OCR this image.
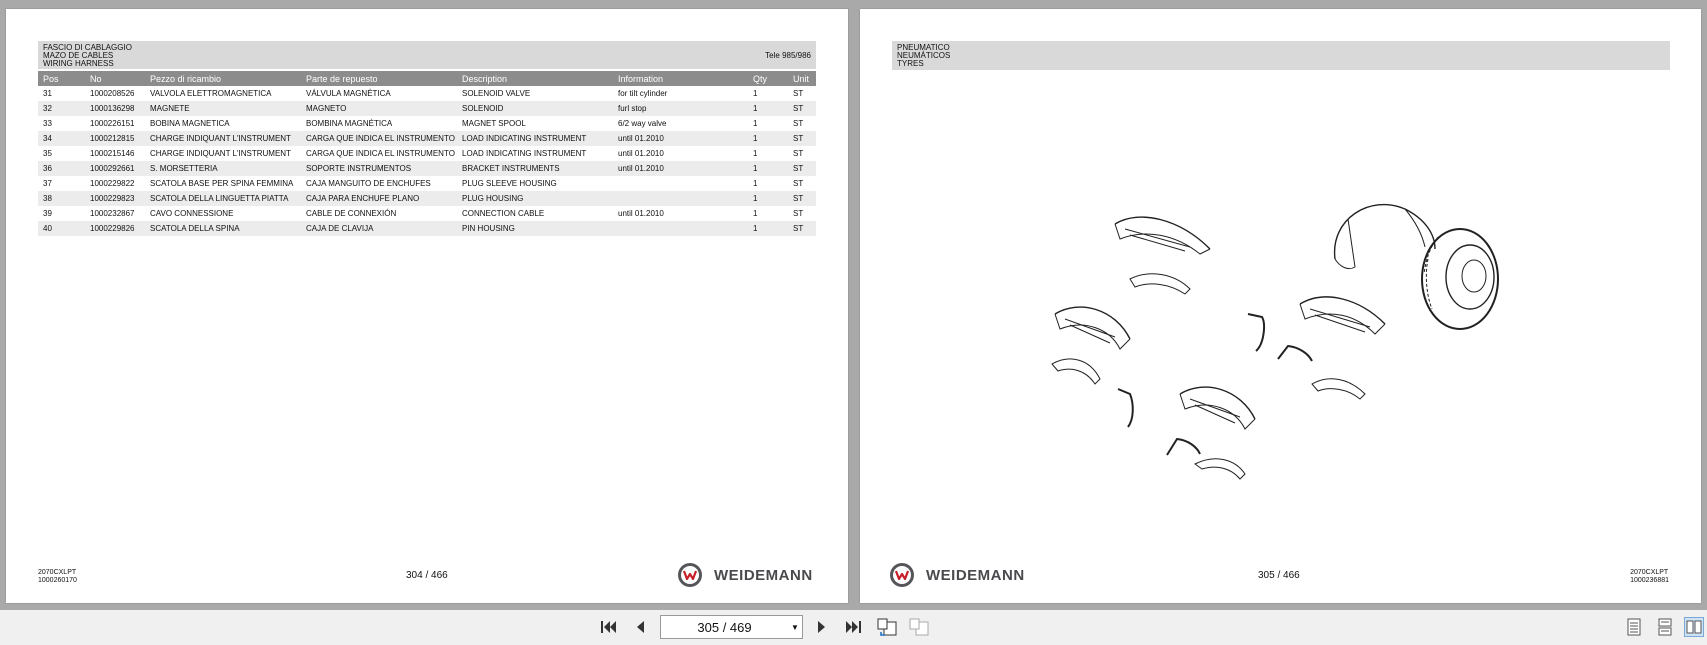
FASCIO DI CABLAGGIO
MAZO DE CABLES
WIRING HARNESS
Tele 985/986
Pos	No	Pezzo di ricambio	Parte de repuesto	Description	Information	Qty	Unit
31	1000208526	VALVOLA ELETTROMAGNETICA	VÁLVULA MAGNÉTICA	SOLENOID VALVE	for tilt cylinder	1	ST
32	1000136298	MAGNETE	MAGNETO	SOLENOID	furl stop	1	ST
33	1000226151	BOBINA MAGNETICA	BOMBINA MAGNÉTICA	MAGNET SPOOL	6/2 way valve	1	ST
34	1000212815	CHARGE INDIQUANT L'INSTRUMENT	CARGA QUE INDICA EL INSTRUMENTO	LOAD INDICATING INSTRUMENT	until 01.2010	1	ST
35	1000215146	CHARGE INDIQUANT L'INSTRUMENT	CARGA QUE INDICA EL INSTRUMENTO	LOAD INDICATING INSTRUMENT	until 01.2010	1	ST
36	1000292661	S. MORSETTERIA	SOPORTE INSTRUMENTOS	BRACKET INSTRUMENTS	until 01.2010	1	ST
37	1000229822	SCATOLA BASE PER SPINA FEMMINA	CAJA MANGUITO DE ENCHUFES	PLUG SLEEVE HOUSING		1	ST
38	1000229823	SCATOLA DELLA LINGUETTA PIATTA	CAJA PARA ENCHUFE PLANO	PLUG HOUSING		1	ST
39	1000232867	CAVO CONNESSIONE	CABLE DE CONNEXIÓN	CONNECTION CABLE	until 01.2010	1	ST
40	1000229826	SCATOLA DELLA SPINA	CAJA DE CLAVIJA	PIN HOUSING		1	ST
2070CXLPT
1000260170	304 / 466	WEIDEMANN
PNEUMATICO
NEUMÁTICOS
TYRES
305 / 466
WEIDEMANN	2070CXLPT
1000236881
305 / 469	▼
